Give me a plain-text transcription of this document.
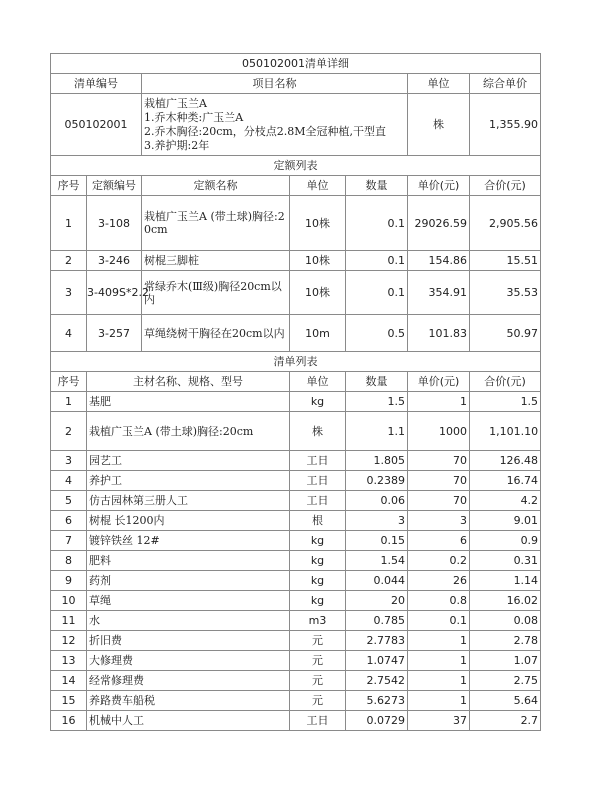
050102001清单详细			
清单编号	项目名称	单位	综合单价
050102001	栽植广玉兰A
1.乔木种类:广玉兰A
2.乔木胸径:20cm，分枝点2.8M全冠种植,干型直
3.养护期:2年	株	1,355.90
定额列表						
序号	定额编号	定额名称	单位	数量	单价(元)	合价(元)
1	3-108	栽植广玉兰A (带土球)胸径:20cm	10株	0.1	29026.59	2,905.56
2	3-246	树棍三脚桩	10株	0.1	154.86	15.51
3	3-409S*2.2	常绿乔木(Ⅲ级)胸径20cm以内	10株	0.1	354.91	35.53
4	3-257	草绳绕树干胸径在20cm以内	10m	0.5	101.83	50.97
清单列表					
序号	主材名称、规格、型号	单位	数量	单价(元)	合价(元)
1	基肥	kg	1.5	1	1.5
2	栽植广玉兰A (带土球)胸径:20cm	株	1.1	1000	1,101.10
3	园艺工	工日	1.805	70	126.48
4	养护工	工日	0.2389	70	16.74
5	仿古园林第三册人工	工日	0.06	70	4.2
6	树棍 长1200内	根	3	3	9.01
7	镀锌铁丝 12#	kg	0.15	6	0.9
8	肥料	kg	1.54	0.2	0.31
9	药剂	kg	0.044	26	1.14
10	草绳	kg	20	0.8	16.02
11	水	m3	0.785	0.1	0.08
12	折旧费	元	2.7783	1	2.78
13	大修理费	元	1.0747	1	1.07
14	经常修理费	元	2.7542	1	2.75
15	养路费车船税	元	5.6273	1	5.64
16	机械中人工	工日	0.0729	37	2.7
